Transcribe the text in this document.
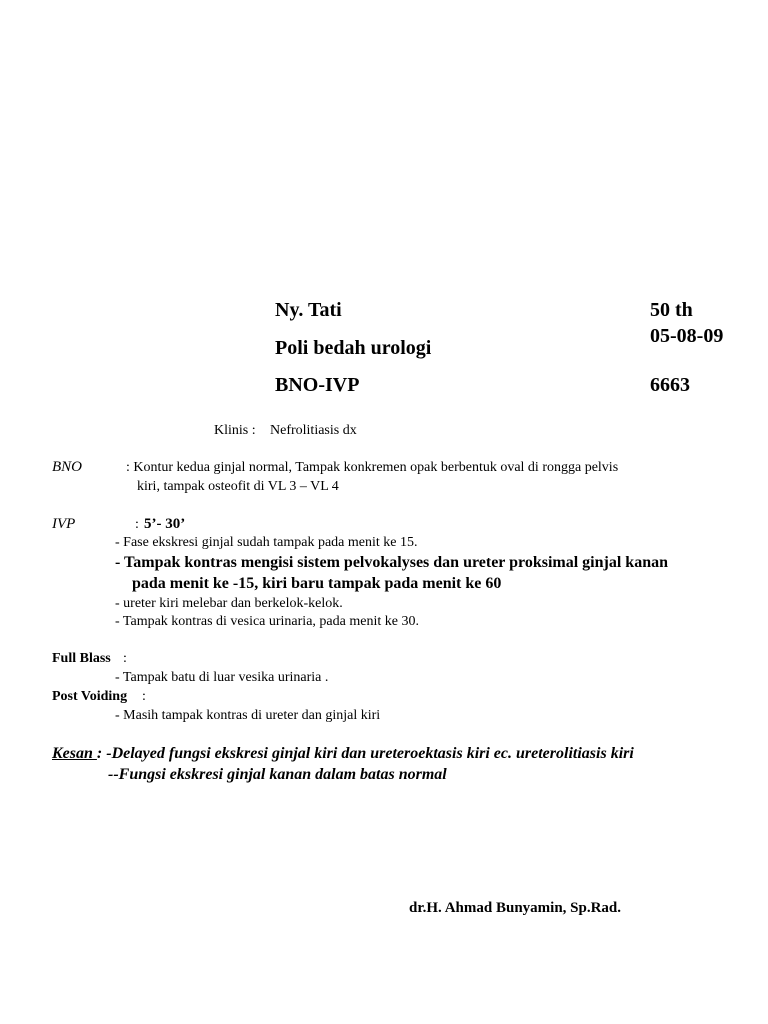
Ny. Tati	50 th
05-08-09
Poli bedah urologi
BNO-IVP	6663
Klinis : Nefrolitiasis dx
BNO	: Kontur kedua ginjal normal, Tampak konkremen opak berbentuk oval di rongga pelvis
kiri, tampak osteofit di VL 3 – VL 4
IVP	: 5’- 30’
- Fase ekskresi ginjal sudah tampak pada menit ke 15.
- Tampak kontras mengisi sistem pelvokalyses dan ureter proksimal ginjal kanan
pada menit ke -15, kiri baru tampak pada menit ke 60
- ureter kiri melebar dan berkelok-kelok.
- Tampak kontras di vesica urinaria, pada menit ke 30.
Full Blass :
- Tampak batu di luar vesika urinaria .
Post Voiding :
- Masih tampak kontras di ureter dan ginjal kiri
Kesan : -Delayed fungsi ekskresi ginjal kiri dan ureteroektasis kiri ec. ureterolitiasis kiri
--Fungsi ekskresi ginjal kanan dalam batas normal
dr.H. Ahmad Bunyamin, Sp.Rad.
